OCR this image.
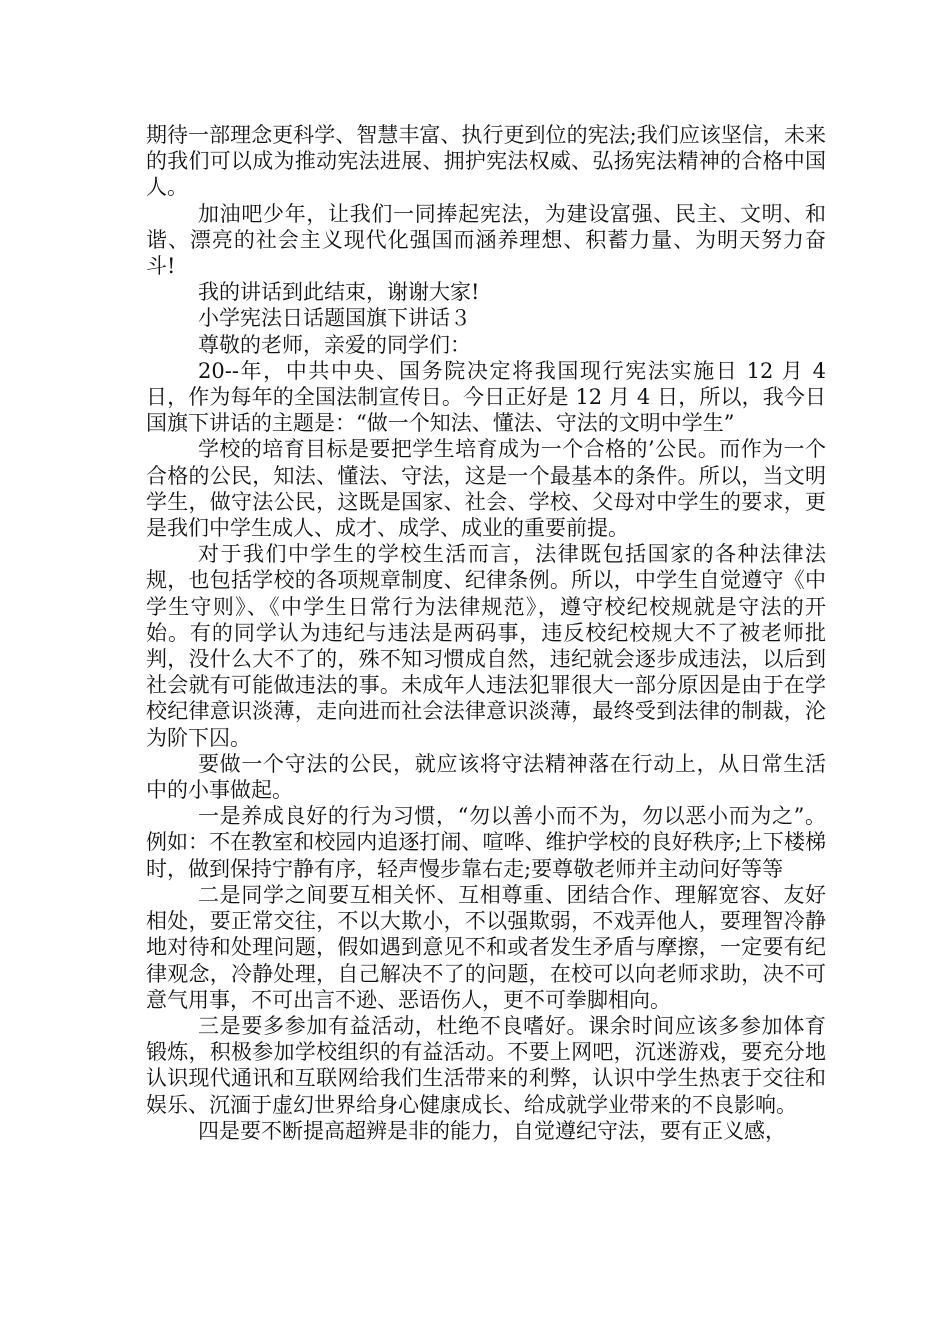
期待一部理念更科学、智慧丰富、执行更到位的宪法;我们应该坚信，未来的我们可以成为推动宪法进展、拥护宪法权威、弘扬宪法精神的合格中国人。

加油吧少年，让我们一同捧起宪法，为建设富强、民主、文明、和谐、漂亮的社会主义现代化强国而涵养理想、积蓄力量、为明天努力奋斗!

我的讲话到此结束，谢谢大家!

小学宪法日话题国旗下讲话３

尊敬的老师，亲爱的同学们：

20--年，中共中央、国务院决定将我国现行宪法实施日 12 月 4 日，作为每年的全国法制宣传日。今日正好是 12 月 4 日，所以，我今日国旗下讲话的主题是：“做一个知法、懂法、守法的文明中学生”

学校的培育目标是要把学生培育成为一个合格的’公民。而作为一个合格的公民，知法、懂法、守法，这是一个最基本的条件。所以，当文明学生，做守法公民，这既是国家、社会、学校、父母对中学生的要求，更是我们中学生成人、成才、成学、成业的重要前提。

对于我们中学生的学校生活而言，法律既包括国家的各种法律法规，也包括学校的各项规章制度、纪律条例。所以，中学生自觉遵守《中学生守则》、《中学生日常行为法律规范》，遵守校纪校规就是守法的开始。有的同学认为违纪与违法是两码事，违反校纪校规大不了被老师批判，没什么大不了的，殊不知习惯成自然，违纪就会逐步成违法，以后到社会就有可能做违法的事。未成年人违法犯罪很大一部分原因是由于在学校纪律意识淡薄，走向进而社会法律意识淡薄，最终受到法律的制裁，沦为阶下囚。

要做一个守法的公民，就应该将守法精神落在行动上，从日常生活中的小事做起。

一是养成良好的行为习惯，“勿以善小而不为，勿以恶小而为之”。例如：不在教室和校园内追逐打闹、喧哗、维护学校的良好秩序;上下楼梯时，做到保持宁静有序，轻声慢步靠右走;要尊敬老师并主动问好等等

二是同学之间要互相关怀、互相尊重、团结合作、理解宽容、友好相处，要正常交往，不以大欺小，不以强欺弱，不戏弄他人，要理智冷静地对待和处理问题，假如遇到意见不和或者发生矛盾与摩擦，一定要有纪律观念，冷静处理，自己解决不了的问题，在校可以向老师求助，决不可意气用事，不可出言不逊、恶语伤人，更不可拳脚相向。

三是要多参加有益活动，杜绝不良嗜好。课余时间应该多参加体育锻炼，积极参加学校组织的有益活动。不要上网吧，沉迷游戏，要充分地认识现代通讯和互联网给我们生活带来的利弊，认识中学生热衷于交往和娱乐、沉湎于虚幻世界给身心健康成长、给成就学业带来的不良影响。

四是要不断提高超辨是非的能力，自觉遵纪守法，要有正义感，
